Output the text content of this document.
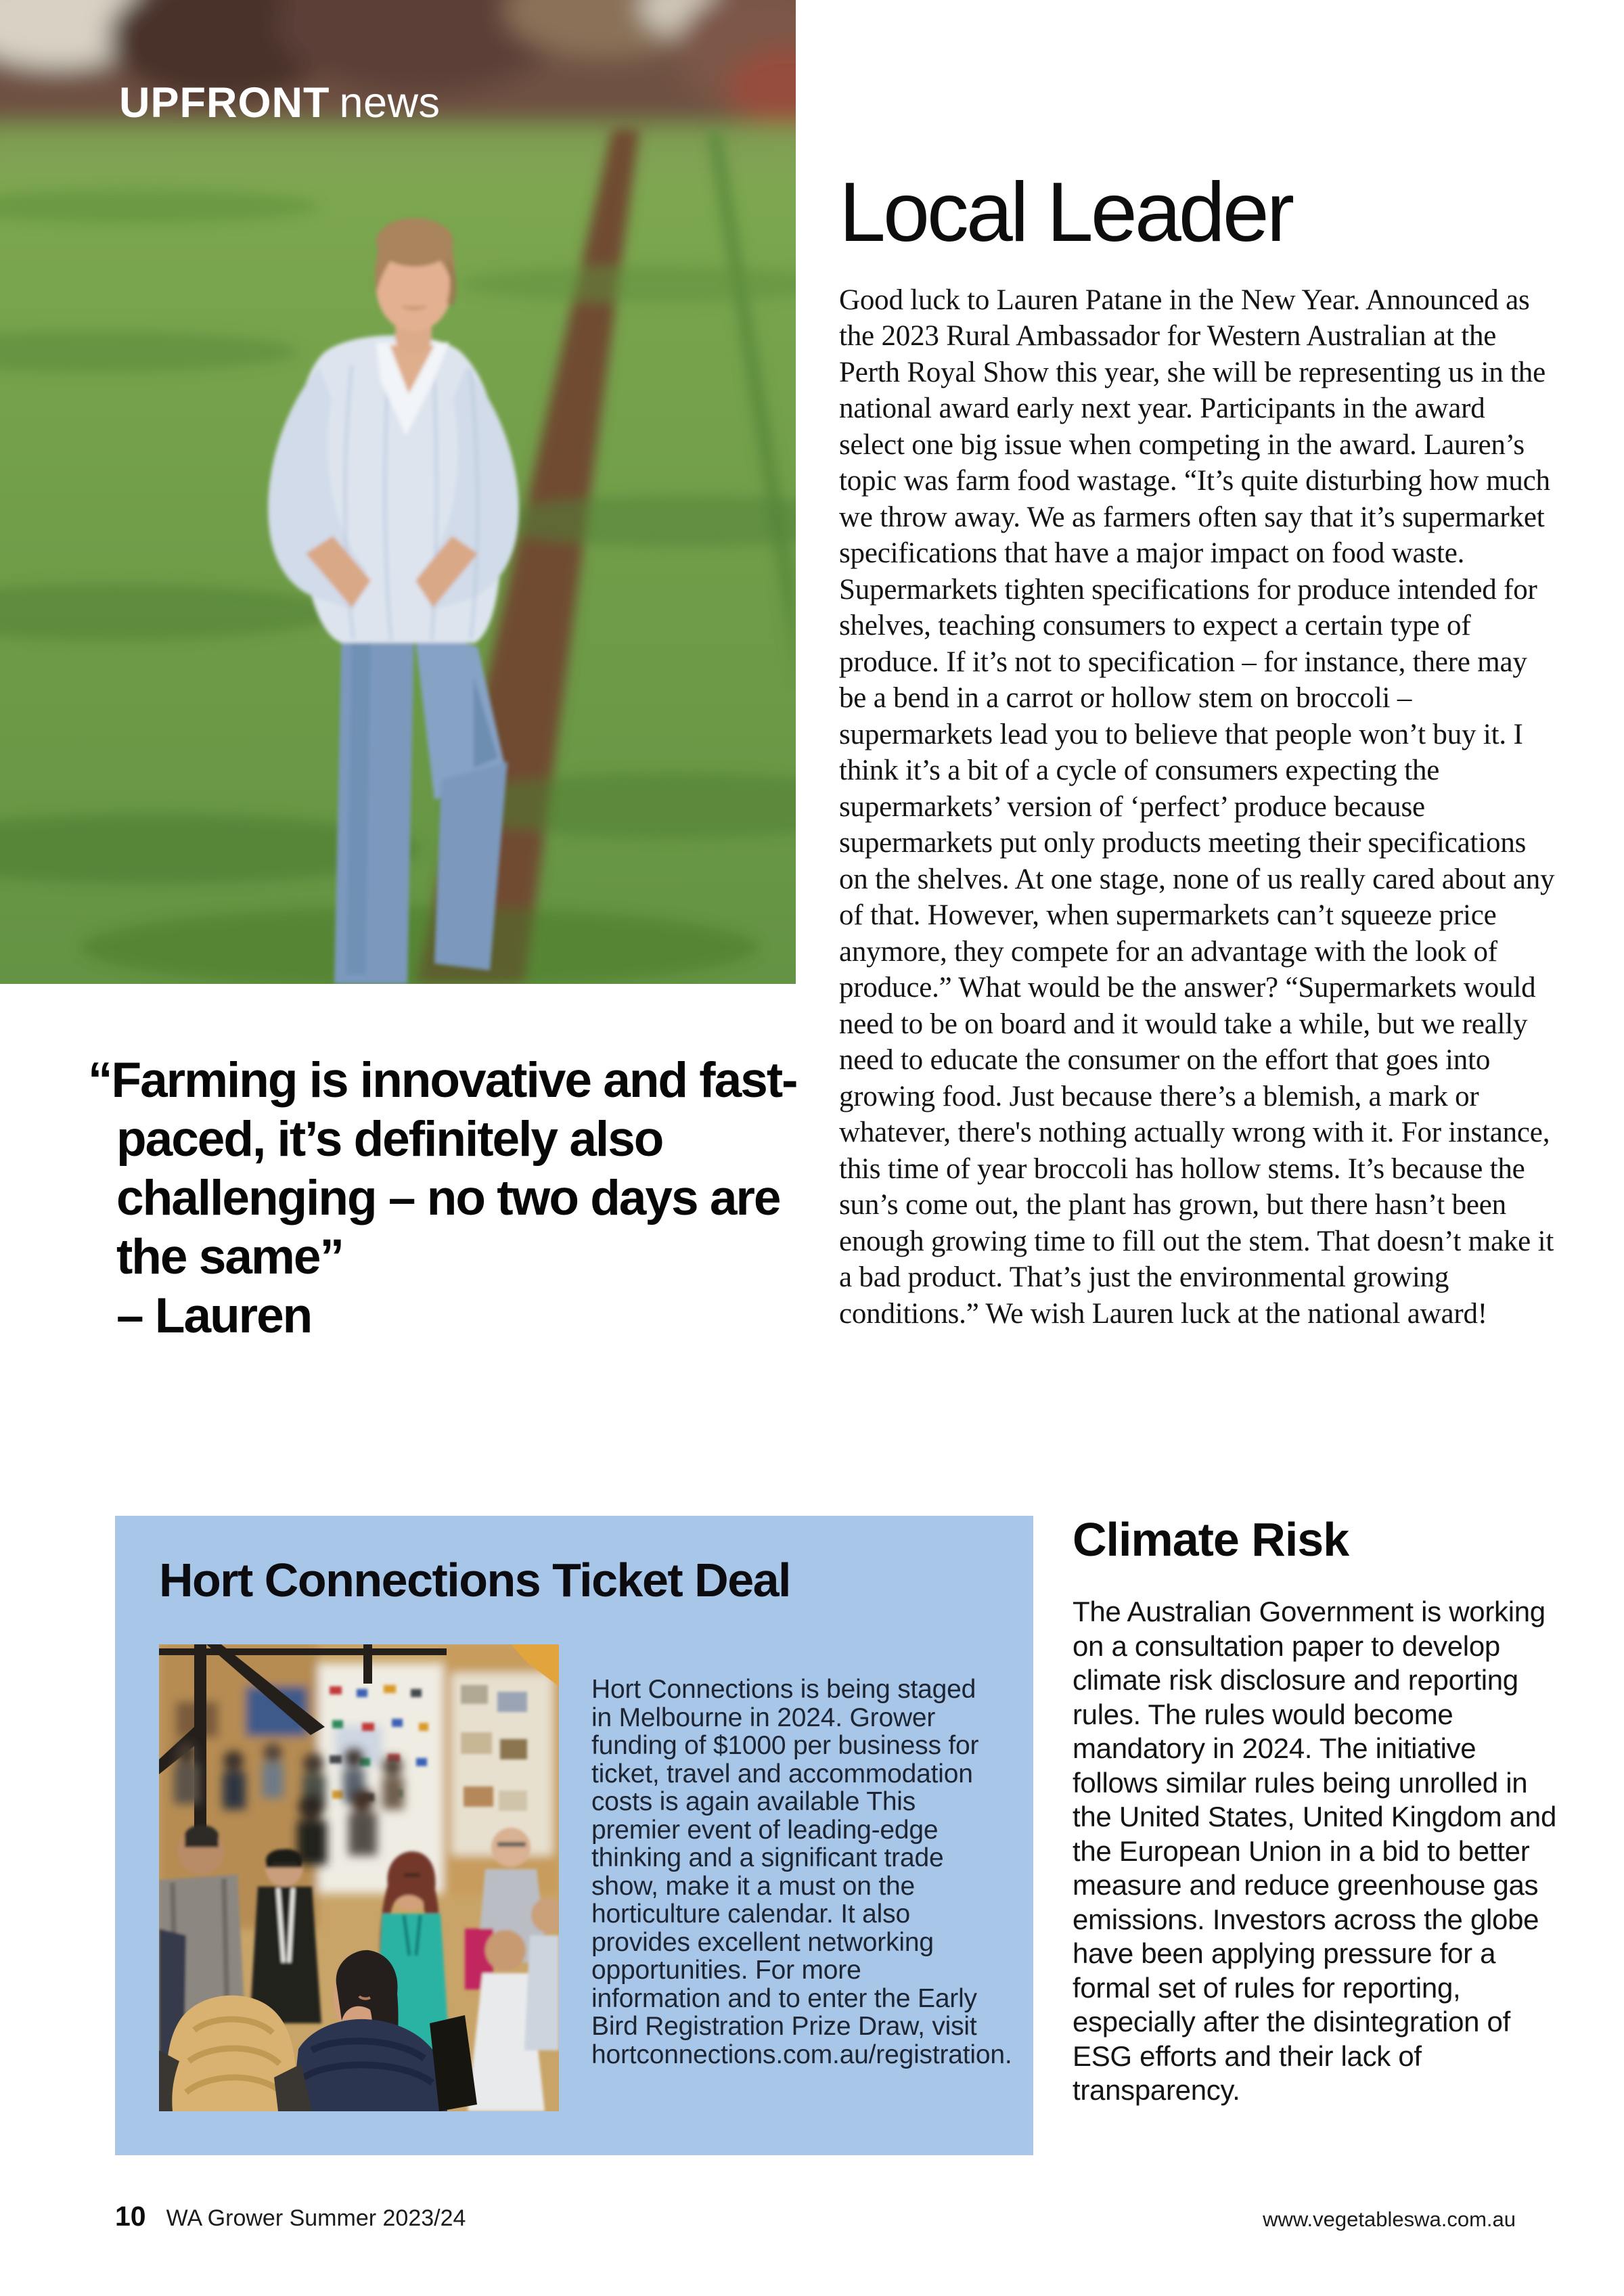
UPFRONT news
Local Leader

Good luck to Lauren Patane in the New Year. Announced as the 2023 Rural Ambassador for Western Australian at the Perth Royal Show this year, she will be representing us in the national award early next year. Participants in the award select one big issue when competing in the award. Lauren’s topic was farm food wastage. “It’s quite disturbing how much we throw away. We as farmers often say that it’s supermarket specifications that have a major impact on food waste. Supermarkets tighten specifications for produce intended for shelves, teaching consumers to expect a certain type of produce. If it’s not to specification – for instance, there may be a bend in a carrot or hollow stem on broccoli – supermarkets lead you to believe that people won’t buy it. I think it’s a bit of a cycle of consumers expecting the supermarkets’ version of ‘perfect’ produce because supermarkets put only products meeting their specifications on the shelves. At one stage, none of us really cared about any of that. However, when supermarkets can’t squeeze price anymore, they compete for an advantage with the look of produce.” What would be the answer? “Supermarkets would need to be on board and it would take a while, but we really need to educate the consumer on the effort that goes into growing food. Just because there’s a blemish, a mark or whatever, there's nothing actually wrong with it. For instance, this time of year broccoli has hollow stems. It’s because the sun’s come out, the plant has grown, but there hasn’t been enough growing time to fill out the stem. That doesn’t make it a bad product. That’s just the environmental growing conditions.” We wish Lauren luck at the national award!

“Farming is innovative and fast-paced, it’s definitely also challenging – no two days are the same”

– Lauren
Hort Connections Ticket Deal

Hort Connections is being staged in Melbourne in 2024. Grower funding of $1000 per business for ticket, travel and accommodation costs is again available This premier event of leading-edge thinking and a significant trade show, make it a must on the horticulture calendar. It also provides excellent networking opportunities. For more information and to enter the Early Bird Registration Prize Draw, visit hortconnections.com.au/registration.

Climate Risk

The Australian Government is working on a consultation paper to develop climate risk disclosure and reporting rules. The rules would become mandatory in 2024. The initiative follows similar rules being unrolled in the United States, United Kingdom and the European Union in a bid to better measure and reduce greenhouse gas emissions. Investors across the globe have been applying pressure for a formal set of rules for reporting, especially after the disintegration of ESG efforts and their lack of transparency.

10 WA Grower Summer 2023/24	www.vegetableswa.com.au
